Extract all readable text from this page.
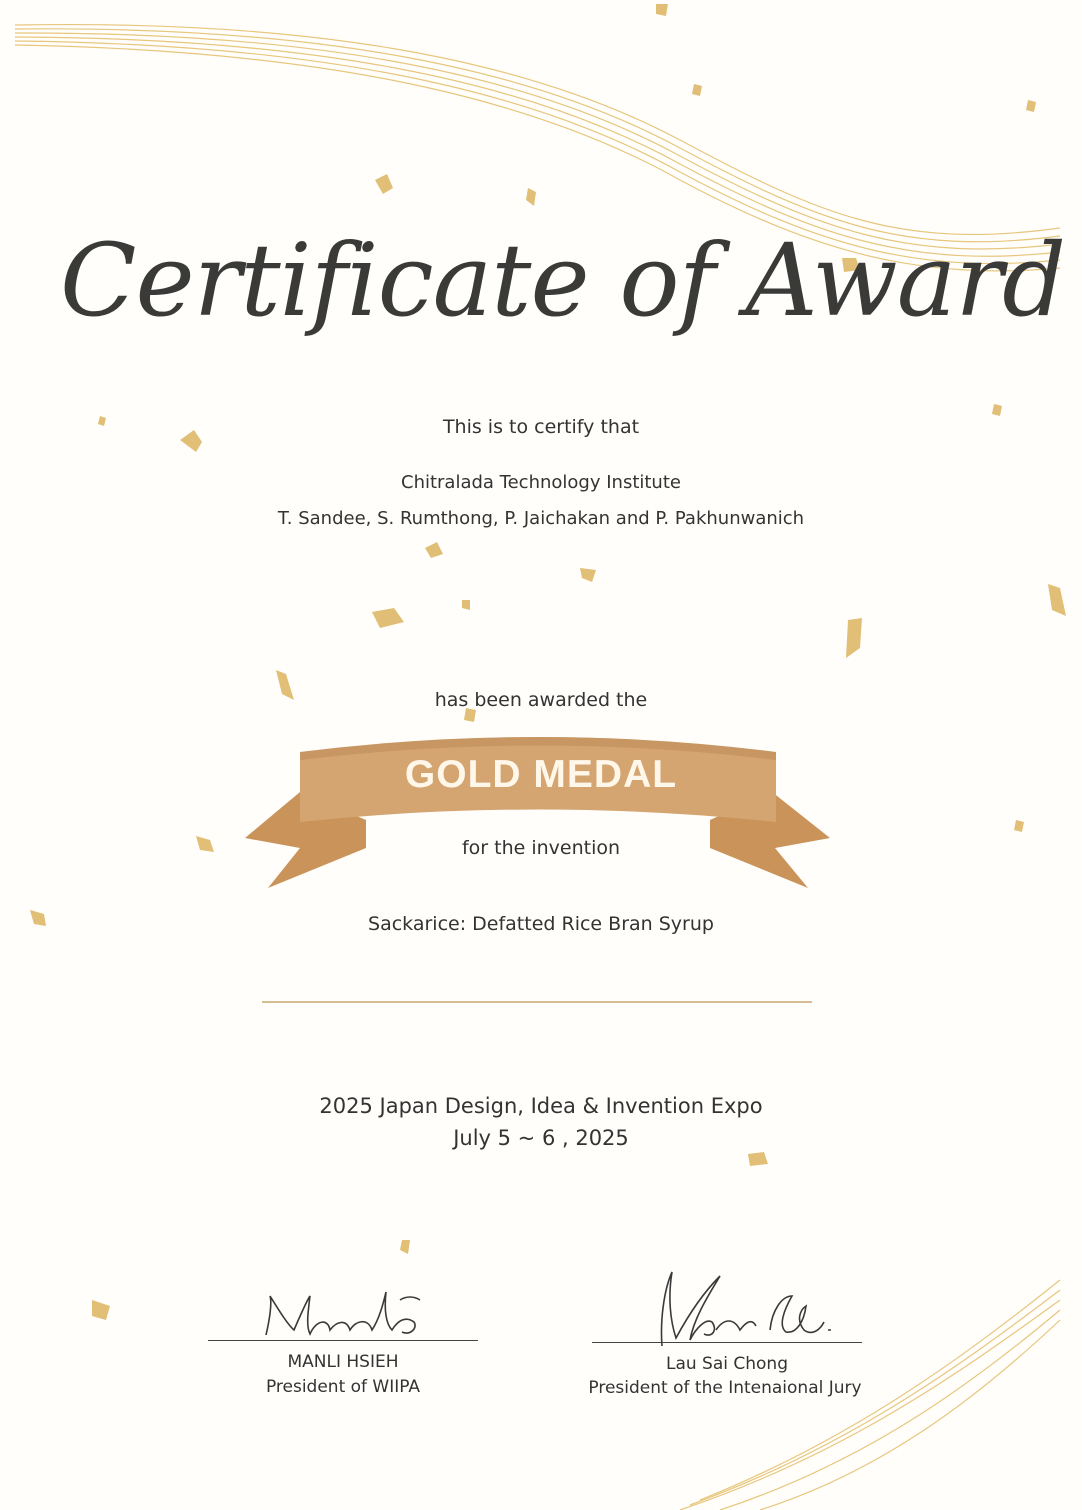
Certificate of Award
This is to certify that
Chitralada Technology Institute
T. Sandee, S. Rumthong, P. Jaichakan and P. Pakhunwanich
has been awarded the
GOLD MEDAL
for the invention
Sackarice: Defatted Rice Bran Syrup
2025 Japan Design, Idea & Invention Expo
July 5 ~ 6 , 2025
MANLI HSIEH
President of WIIPA
Lau Sai Chong
President of the Intenaional Jury
